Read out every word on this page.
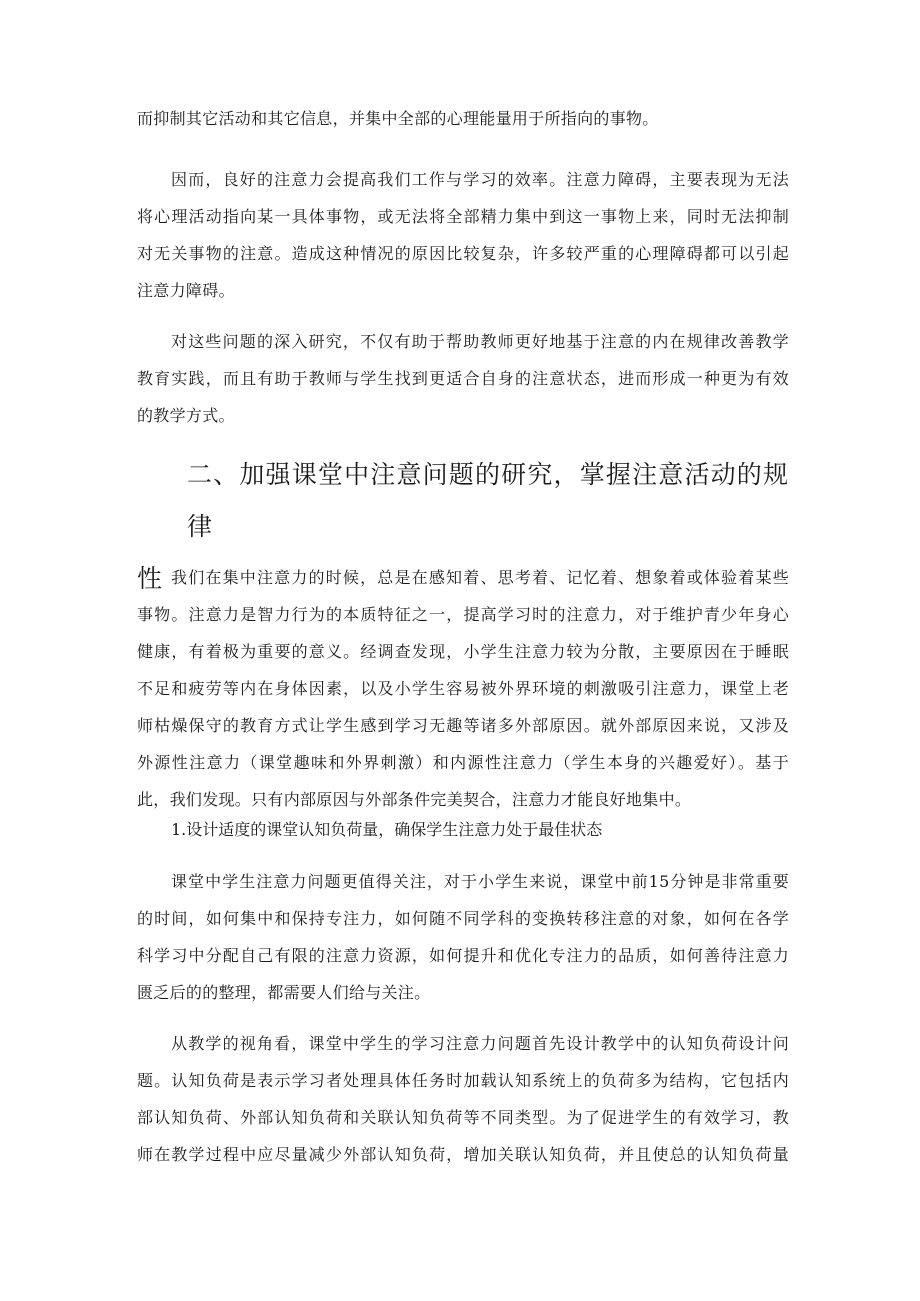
而抑制其它活动和其它信息，并集中全部的心理能量用于所指向的事物。

因而，良好的注意力会提高我们工作与学习的效率。注意力障碍，主要表现为无法

将心理活动指向某一具体事物，或无法将全部精力集中到这一事物上来，同时无法抑制

对无关事物的注意。造成这种情况的原因比较复杂，许多较严重的心理障碍都可以引起

注意力障碍。

对这些问题的深入研究，不仅有助于帮助教师更好地基于注意的内在规律改善教学

教育实践，而且有助于教师与学生找到更适合自身的注意状态，进而形成一种更为有效

的教学方式。

二、加强课堂中注意问题的研究，掌握注意活动的规律
性 我们在集中注意力的时候，总是在感知着、思考着、记忆着、想象着或体验着某些

事物。注意力是智力行为的本质特征之一，提高学习时的注意力，对于维护青少年身心

健康，有着极为重要的意义。经调查发现，小学生注意力较为分散，主要原因在于睡眠

不足和疲劳等内在身体因素，以及小学生容易被外界环境的刺激吸引注意力，课堂上老

师枯燥保守的教育方式让学生感到学习无趣等诸多外部原因。就外部原因来说，又涉及

外源性注意力（课堂趣味和外界刺激）和内源性注意力（学生本身的兴趣爱好）。基于

此，我们发现。只有内部原因与外部条件完美契合，注意力才能良好地集中。

1.设计适度的课堂认知负荷量，确保学生注意力处于最佳状态

课堂中学生注意力问题更值得关注，对于小学生来说，课堂中前15分钟是非常重要

的时间，如何集中和保持专注力，如何随不同学科的变换转移注意的对象，如何在各学

科学习中分配自己有限的注意力资源，如何提升和优化专注力的品质，如何善待注意力

匮乏后的的整理，都需要人们给与关注。

从教学的视角看，课堂中学生的学习注意力问题首先设计教学中的认知负荷设计问

题。认知负荷是表示学习者处理具体任务时加载认知系统上的负荷多为结构，它包括内

部认知负荷、外部认知负荷和关联认知负荷等不同类型。为了促进学生的有效学习，教

师在教学过程中应尽量减少外部认知负荷，增加关联认知负荷，并且使总的认知负荷量
